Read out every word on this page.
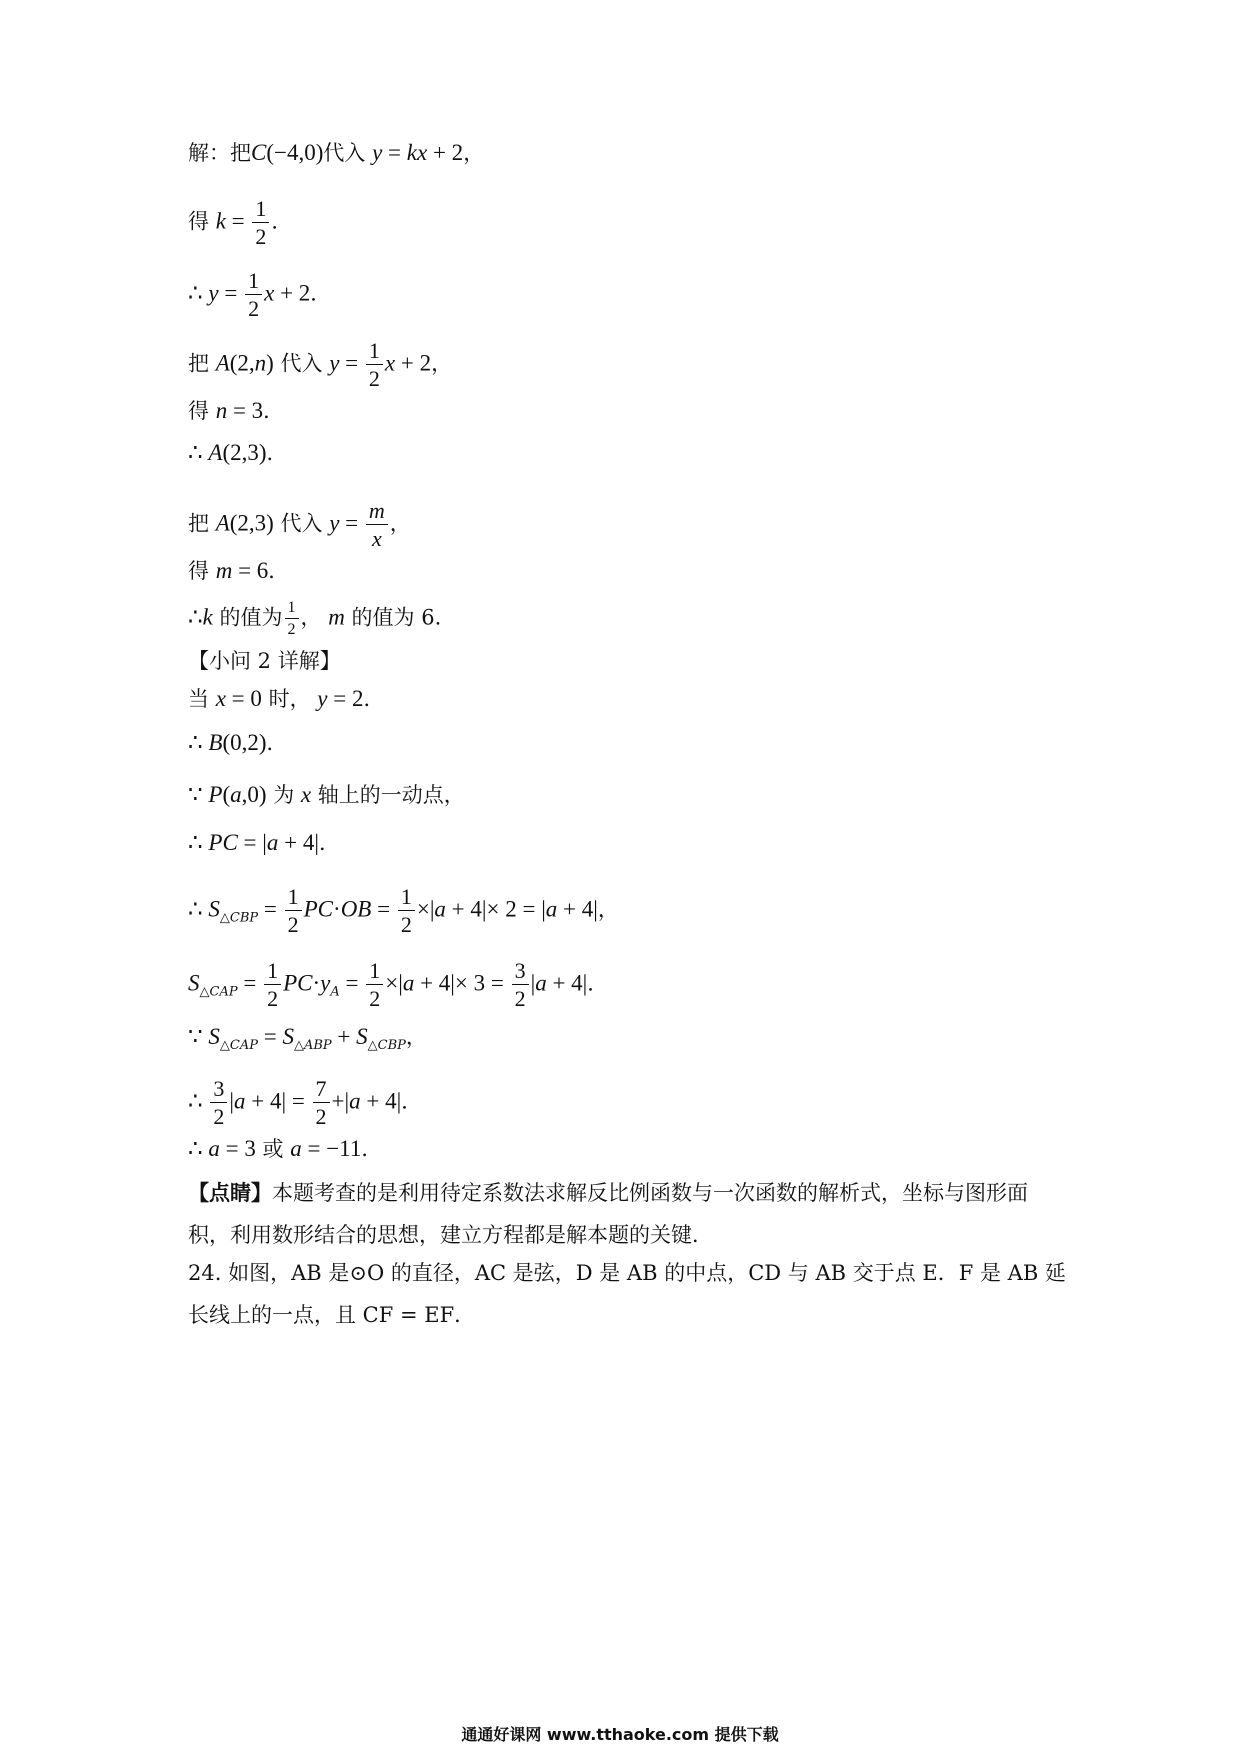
解：把C(−4,0)代入 y = kx + 2，
得 $k = \frac{1}{2}$ ．
∴ $y = \frac{1}{2}$ x + 2．
把 A(2,n) 代入 $y = \frac{1}{2}$ x + 2，
得 n = 3．
∴ A(2,3)．
把 A(2,3) 代入 $y = \frac{m}{x}$ ，
得 m = 6．
∴k 的值为 $\frac{1}{2}$ ， m 的值为 6.
【小问 2 详解】
当 x = 0 时， y = 2．
∴ B(0,2)．
∵ P(a,0) 为 x 轴上的一动点，
∴ PC = |a + 4|．
∴ $S_{\triangle CBP} = \frac{1}{2} PC\cdot OB = \frac{1}{2} \times|a + 4|\times 2 = |a + 4|$，
$S_{\triangle CAP} = \frac{1}{2} PC\cdot y_A = \frac{1}{2} \times|a + 4|\times 3 = \frac{3}{2} |a + 4|$．
∵ $S_{\triangle CAP} = S_{\triangle ABP} + S_{\triangle CBP}$，
∴ $\frac{3}{2} |a + 4| = \frac{7}{2} +|a + 4|$．
∴ a = 3 或 a = −11．
【点睛】本题考查的是利用待定系数法求解反比例函数与一次函数的解析式，坐标与图形面积，利用数形结合的思想，建立方程都是解本题的关键．
24. 如图，AB 是⊙O 的直径，AC 是弦，D 是 AB 的中点，CD 与 AB 交于点 E．F 是 AB 延长线上的一点，且 CF = EF．
通通好课网 www.tthaoke.com 提供下载
